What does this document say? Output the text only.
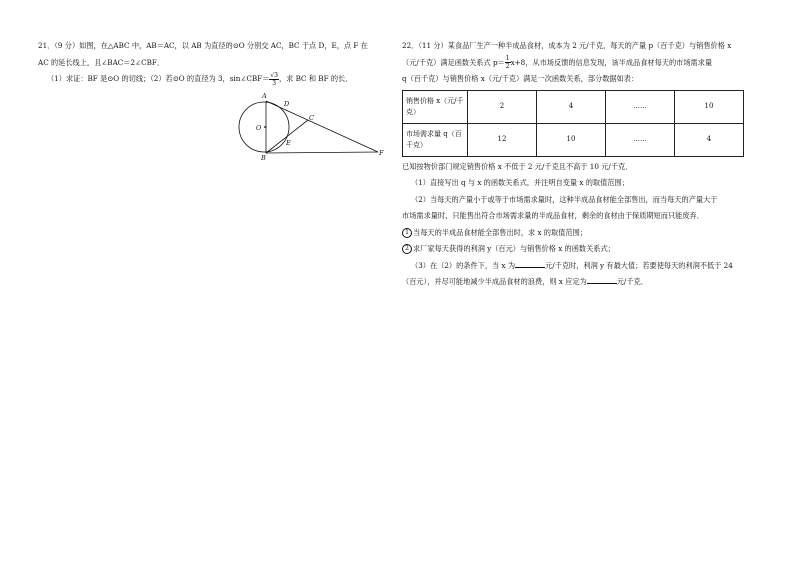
21．（9 分）如图，在△ABC 中，AB＝AC，以 AB 为直径的⊙O 分别交 AC，BC 于点 D，E，点 F 在
AC 的延长线上，且∠BAC＝2∠CBF．
（1）求证：BF 是⊙O 的切线；（2）若⊙O 的直径为 3，sin∠CBF＝ $\frac{√3}{3}$ ，求 BC 和 BF 的长．
A
D
O
C
E
B
F
22．（11 分）某食品厂生产一种半成品食材，成本为 2 元/千克，每天的产量 p（百千克）与销售价格 x
（元/千克）满足函数关系式 $p= \frac{1}{2} x+8$，从市场反馈的信息发现，该半成品食材每天的市场需求量
q（百千克）与销售价格 x（元/千克）满足一次函数关系，部分数据如表：
销售价格 x（元/千克）	2	4	……	10
市场需求量 q（百千克）	12	10	……	4
已知按物价部门规定销售价格 x 不低于 2 元/千克且不高于 10 元/千克．
（1）直接写出 q 与 x 的函数关系式，并注明自变量 x 的取值范围；
（2）当每天的产量小于或等于市场需求量时，这种半成品食材能全部售出，而当每天的产量大于
市场需求量时，只能售出符合市场需求量的半成品食材，剩余的食材由于保质期短而只能废弃．
1 当每天的半成品食材能全部售出时，求 x 的取值范围；
2 求厂家每天获得的利润 y（百元）与销售价格 x 的函数关系式；
（3）在（2）的条件下，当 x 为	元/千克时，利润 y 有最大值；若要使每天的利润不低于 24
（百元），并尽可能地减少半成品食材的浪费，则 x 应定为	元/千克．
